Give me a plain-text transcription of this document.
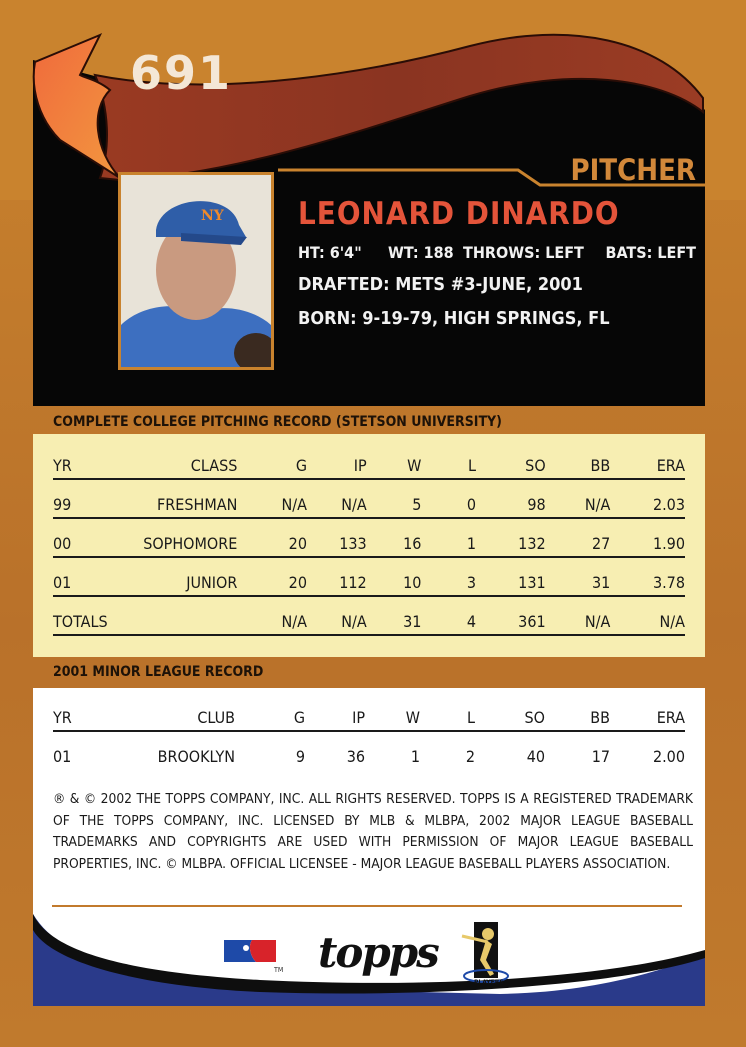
691
PITCHER
NY LEONARD DINARDO
HT: 6'4" WT: 188 THROWS: LEFT BATS: LEFT
DRAFTED: METS #3-JUNE, 2001
BORN: 9-19-79, HIGH SPRINGS, FL
COMPLETE COLLEGE PITCHING RECORD (STETSON UNIVERSITY)
YR	CLASS	G	IP	W	L	SO	BB	ERA
99	FRESHMAN	N/A	N/A	5	0	98	N/A	2.03
00	SOPHOMORE	20	133	16	1	132	27	1.90
01	JUNIOR	20	112	10	3	131	31	3.78
TOTALS		N/A	N/A	31	4	361	N/A	N/A
2001 MINOR LEAGUE RECORD
YR	CLUB	G	IP	W	L	SO	BB	ERA
01	BROOKLYN	9	36	1	2	40	17	2.00
® & © 2002 THE TOPPS COMPANY, INC. ALL RIGHTS RESERVED. TOPPS IS A REGISTERED TRADEMARK OF THE TOPPS COMPANY, INC. LICENSED BY MLB & MLBPA, 2002 MAJOR LEAGUE BASEBALL TRADEMARKS AND COPYRIGHTS ARE USED WITH PERMISSION OF MAJOR LEAGUE BASEBALL PROPERTIES, INC. © MLBPA. OFFICIAL LICENSEE - MAJOR LEAGUE BASEBALL PLAYERS ASSOCIATION.
TM topps
PLAYERS
